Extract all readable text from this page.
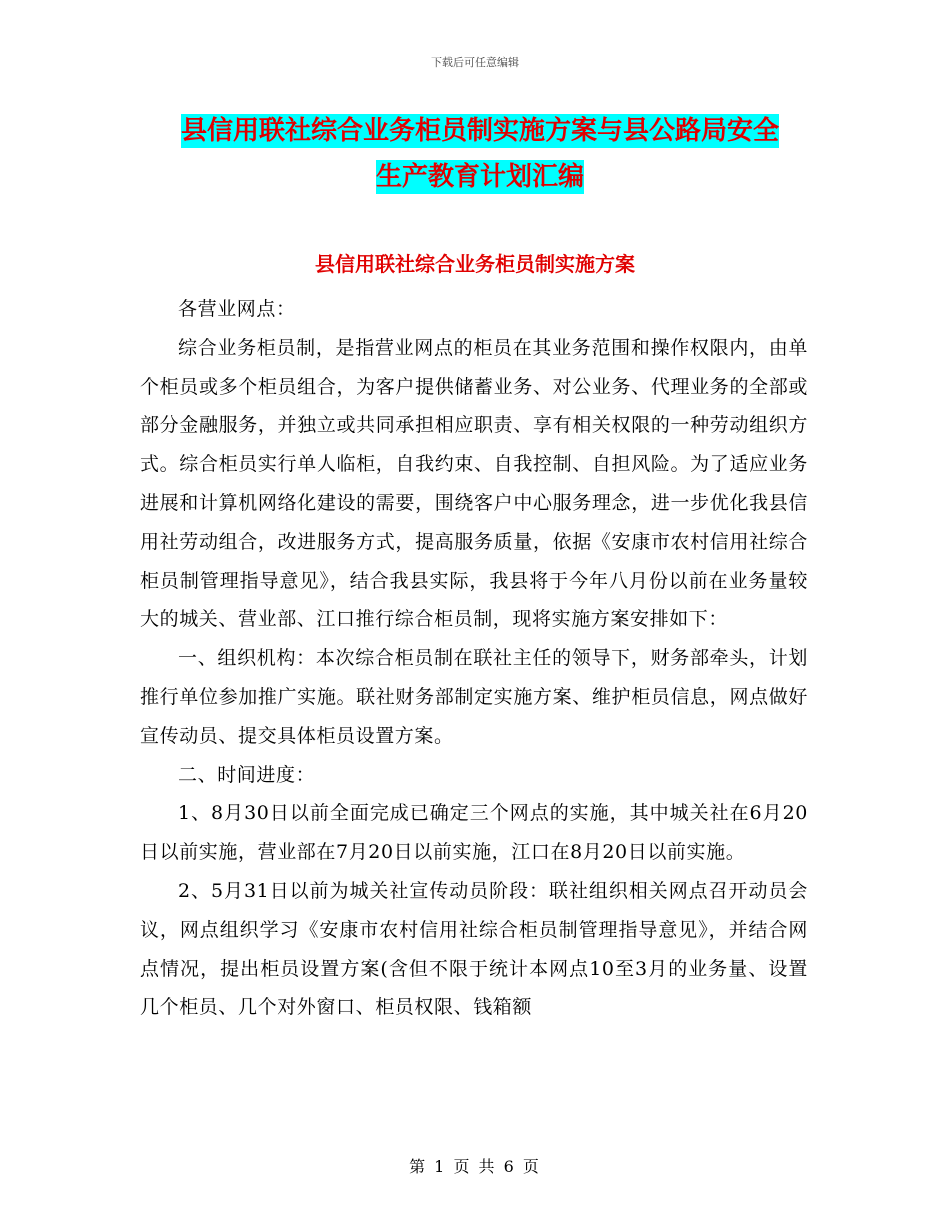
下载后可任意编辑
县信用联社综合业务柜员制实施方案与县公路局安全
生产教育计划汇编
县信用联社综合业务柜员制实施方案

各营业网点：

综合业务柜员制，是指营业网点的柜员在其业务范围和操作权限内，由单个柜员或多个柜员组合，为客户提供储蓄业务、对公业务、代理业务的全部或部分金融服务，并独立或共同承担相应职责、享有相关权限的一种劳动组织方式。综合柜员实行单人临柜，自我约束、自我控制、自担风险。为了适应业务进展和计算机网络化建设的需要，围绕客户中心服务理念，进一步优化我县信用社劳动组合，改进服务方式，提高服务质量，依据《安康市农村信用社综合柜员制管理指导意见》，结合我县实际，我县将于今年八月份以前在业务量较大的城关、营业部、江口推行综合柜员制，现将实施方案安排如下：

一、组织机构：本次综合柜员制在联社主任的领导下，财务部牵头，计划推行单位参加推广实施。联社财务部制定实施方案、维护柜员信息，网点做好宣传动员、提交具体柜员设置方案。

二、时间进度：

1、8月30日以前全面完成已确定三个网点的实施，其中城关社在6月20日以前实施，营业部在7月20日以前实施，江口在8月20日以前实施。

2、5月31日以前为城关社宣传动员阶段：联社组织相关网点召开动员会议，网点组织学习《安康市农村信用社综合柜员制管理指导意见》，并结合网点情况，提出柜员设置方案(含但不限于统计本网点10至3月的业务量、设置几个柜员、几个对外窗口、柜员权限、钱箱额

第 1 页 共 6 页
